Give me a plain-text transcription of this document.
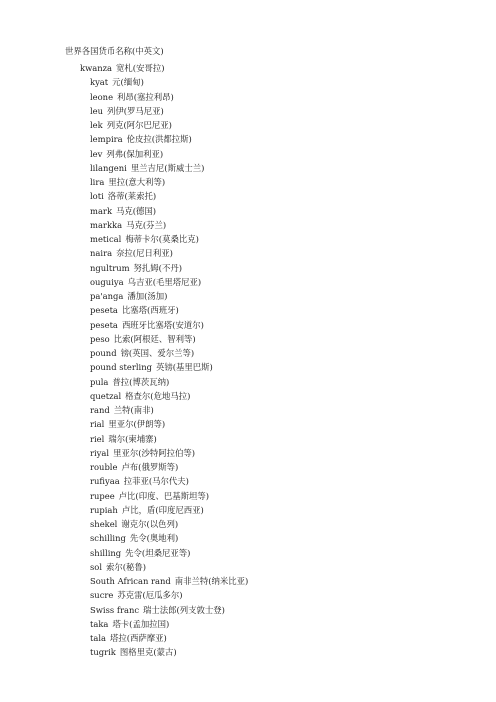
世界各国货币名称(中英文)
kwanza 宽札(安哥拉)
kyat 元(缅甸)
leone 利昂(塞拉利昂)
leu 列伊(罗马尼亚)
lek 列克(阿尔巴尼亚)
lempira 伦皮拉(洪都拉斯)
lev 列弗(保加利亚)
lilangeni 里兰吉尼(斯威士兰)
lira 里拉(意大利等)
loti 洛蒂(莱索托)
mark 马克(德国)
markka 马克(芬兰)
metical 梅蒂卡尔(莫桑比克)
naira 奈拉(尼日利亚)
ngultrum 努扎姆(不丹)
ouguiya 乌吉亚(毛里塔尼亚)
pa'anga 潘加(汤加)
peseta 比塞塔(西班牙)
peseta 西班牙比塞塔(安道尔)
peso 比索(阿根廷、智利等)
pound 镑(英国、爱尔兰等)
pound sterling 英镑(基里巴斯)
pula 普拉(博茨瓦纳)
quetzal 格查尔(危地马拉)
rand 兰特(南非)
rial 里亚尔(伊朗等)
riel 瑞尔(柬埔寨)
riyal 里亚尔(沙特阿拉伯等)
rouble 卢布(俄罗斯等)
rufiyaa 拉菲亚(马尔代夫)
rupee 卢比(印度、巴基斯坦等)
rupiah 卢比，盾(印度尼西亚)
shekel 谢克尔(以色列)
schilling 先令(奥地利)
shilling 先令(坦桑尼亚等)
sol 索尔(秘鲁)
South African rand 南非兰特(纳米比亚)
sucre 苏克雷(厄瓜多尔)
Swiss franc 瑞士法郎(列支敦士登)
taka 塔卡(孟加拉国)
tala 塔拉(西萨摩亚)
tugrik 图格里克(蒙古)
